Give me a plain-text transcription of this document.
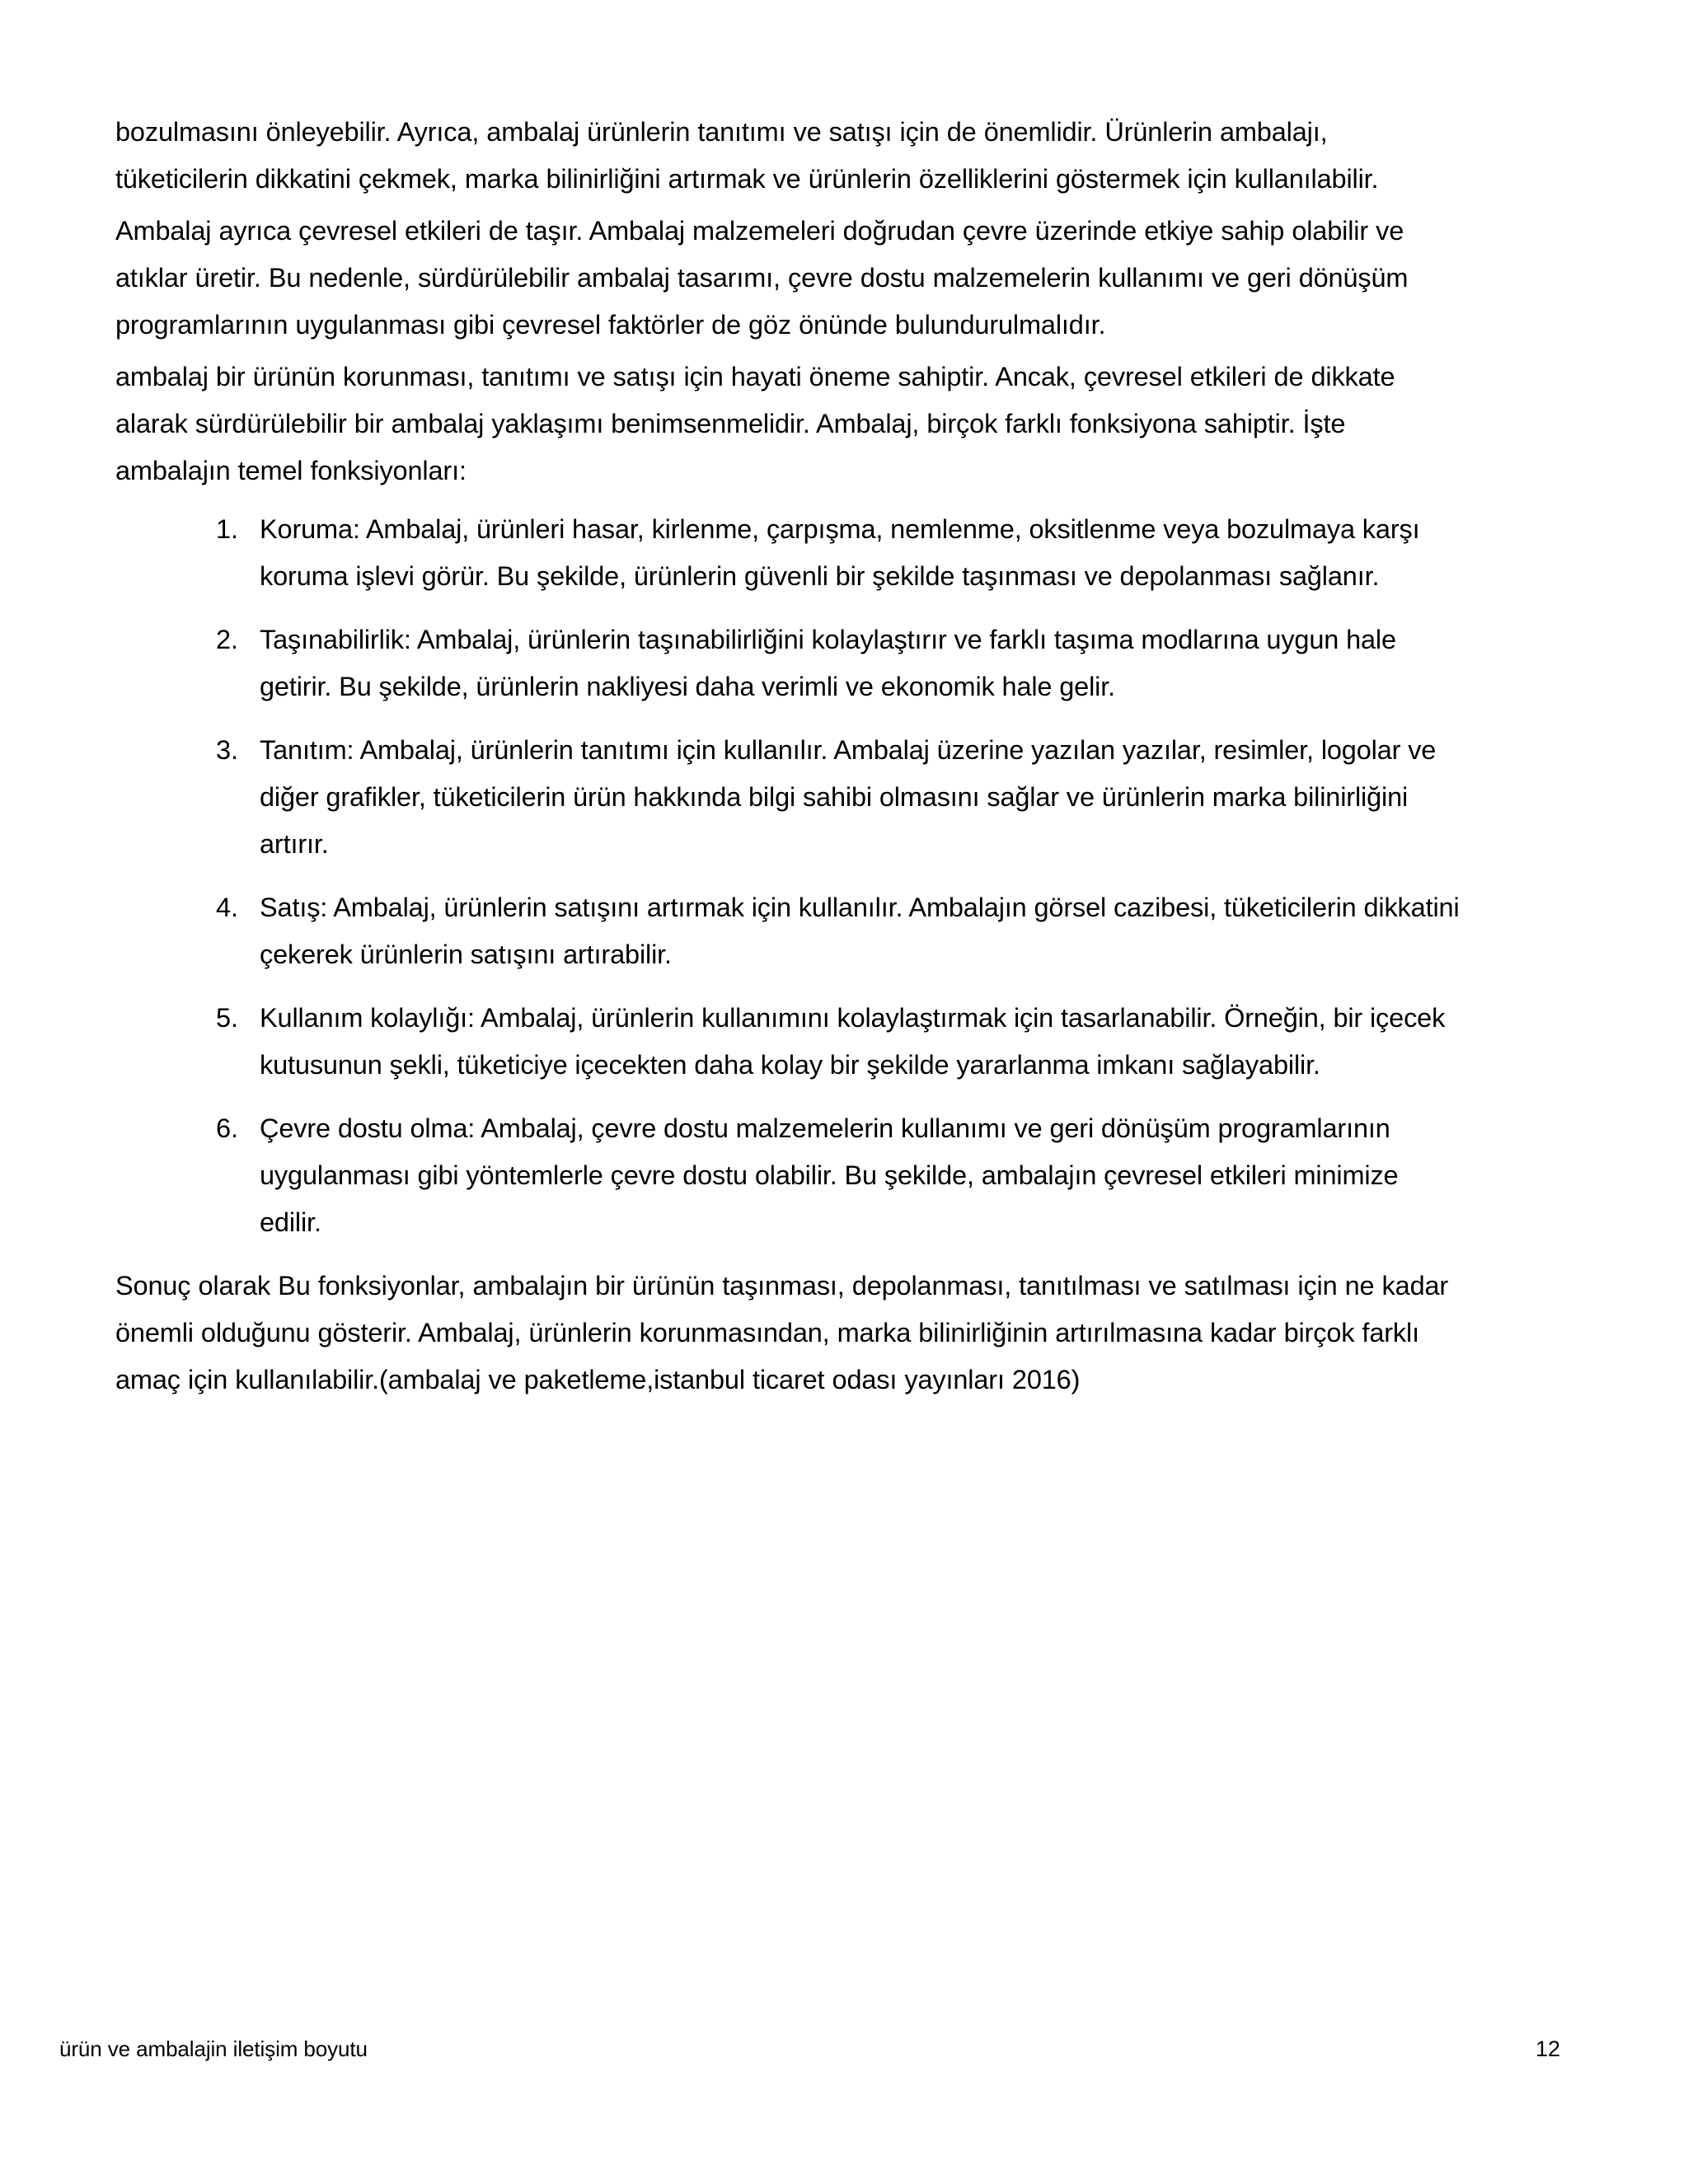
bozulmasını önleyebilir. Ayrıca, ambalaj ürünlerin tanıtımı ve satışı için de önemlidir. Ürünlerin ambalajı, tüketicilerin dikkatini çekmek, marka bilinirliğini artırmak ve ürünlerin özelliklerini göstermek için kullanılabilir.

Ambalaj ayrıca çevresel etkileri de taşır. Ambalaj malzemeleri doğrudan çevre üzerinde etkiye sahip olabilir ve atıklar üretir. Bu nedenle, sürdürülebilir ambalaj tasarımı, çevre dostu malzemelerin kullanımı ve geri dönüşüm programlarının uygulanması gibi çevresel faktörler de göz önünde bulundurulmalıdır.

ambalaj bir ürünün korunması, tanıtımı ve satışı için hayati öneme sahiptir. Ancak, çevresel etkileri de dikkate alarak sürdürülebilir bir ambalaj yaklaşımı benimsenmelidir. Ambalaj, birçok farklı fonksiyona sahiptir. İşte ambalajın temel fonksiyonları:

Koruma: Ambalaj, ürünleri hasar, kirlenme, çarpışma, nemlenme, oksitlenme veya bozulmaya karşı koruma işlevi görür. Bu şekilde, ürünlerin güvenli bir şekilde taşınması ve depolanması sağlanır.
Taşınabilirlik: Ambalaj, ürünlerin taşınabilirliğini kolaylaştırır ve farklı taşıma modlarına uygun hale getirir. Bu şekilde, ürünlerin nakliyesi daha verimli ve ekonomik hale gelir.
Tanıtım: Ambalaj, ürünlerin tanıtımı için kullanılır. Ambalaj üzerine yazılan yazılar, resimler, logolar ve diğer grafikler, tüketicilerin ürün hakkında bilgi sahibi olmasını sağlar ve ürünlerin marka bilinirliğini artırır.
Satış: Ambalaj, ürünlerin satışını artırmak için kullanılır. Ambalajın görsel cazibesi, tüketicilerin dikkatini çekerek ürünlerin satışını artırabilir.
Kullanım kolaylığı: Ambalaj, ürünlerin kullanımını kolaylaştırmak için tasarlanabilir. Örneğin, bir içecek kutusunun şekli, tüketiciye içecekten daha kolay bir şekilde yararlanma imkanı sağlayabilir.
Çevre dostu olma: Ambalaj, çevre dostu malzemelerin kullanımı ve geri dönüşüm programlarının uygulanması gibi yöntemlerle çevre dostu olabilir. Bu şekilde, ambalajın çevresel etkileri minimize edilir.

Sonuç olarak Bu fonksiyonlar, ambalajın bir ürünün taşınması, depolanması, tanıtılması ve satılması için ne kadar önemli olduğunu gösterir. Ambalaj, ürünlerin korunmasından, marka bilinirliğinin artırılmasına kadar birçok farklı amaç için kullanılabilir.(ambalaj ve paketleme,istanbul ticaret odası yayınları 2016)

ürün ve ambalajin iletişim boyutu	12
